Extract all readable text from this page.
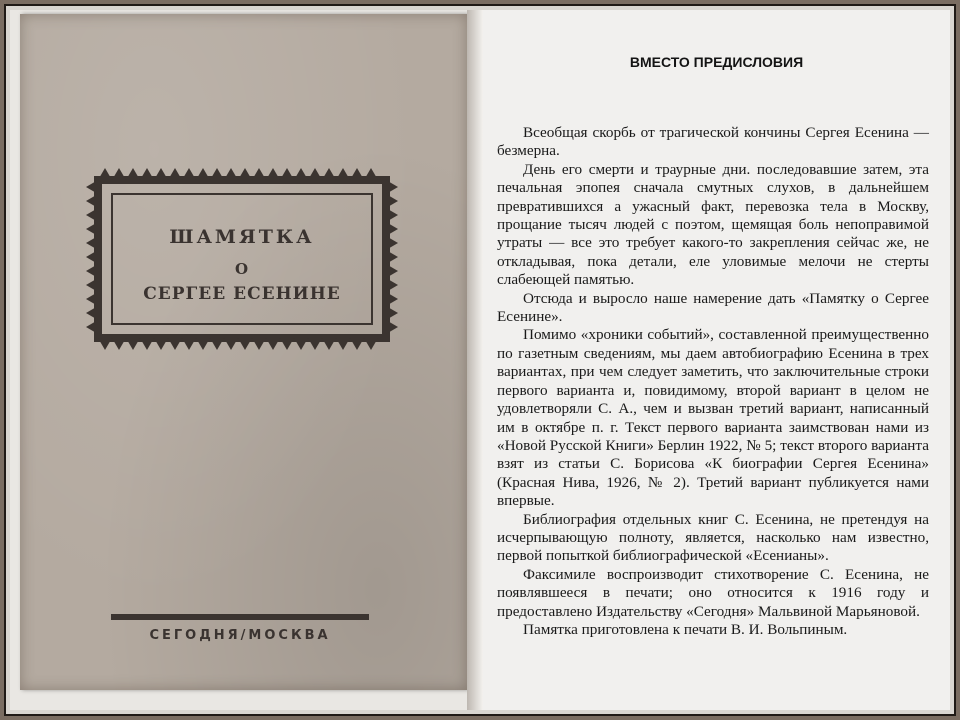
ШАМЯТКА
О
СЕРГЕЕ ЕСЕНИНЕ
СЕГОДНЯ/МОСКВА
ВМЕСТО ПРЕДИСЛОВИЯ

Всеобщая скорбь от трагической кончины Сергея Есенина — безмерна.

День его смерти и траурные дни. последовавшие затем, эта печальная эпопея сначала смутных слухов, в дальнейшем превратившихся а ужасный факт, перевозка тела в Москву, прощание тысяч людей с поэтом, щемящая боль непоправимой утраты — все это требует какого-то закрепления сейчас же, не откладывая, пока детали, еле уловимые мелочи не стерты слабеющей памятью.

Отсюда и выросло наше намерение дать «Памятку о Сергее Есенине».

Помимо «хроники событий», составленной преимущественно по газетным сведениям, мы даем автобиографию Есенина в трех вариантах, при чем следует заметить, что заключительные строки первого варианта и, повидимому, второй вариант в целом не удовлетворяли С. А., чем и вызван третий вариант, написанный им в октябре п. г. Текст первого варианта заимствован нами из «Новой Русской Книги» Берлин 1922, № 5; текст второго варианта взят из статьи С. Борисова «К биографии Сергея Есенина» (Красная Нива, 1926, № 2). Третий вариант публикуется нами впервые.

Библиография отдельных книг С. Есенина, не претендуя на исчерпывающую полноту, является, насколько нам известно, первой попыткой библиографической «Есенианы».

Факсимиле воспроизводит стихотворение С. Есенина, не появлявшееся в печати; оно относится к 1916 году и предоставлено Издательству «Сегодня» Мальвиной Марьяновой.

Памятка приготовлена к печати В. И. Вольпиным.
